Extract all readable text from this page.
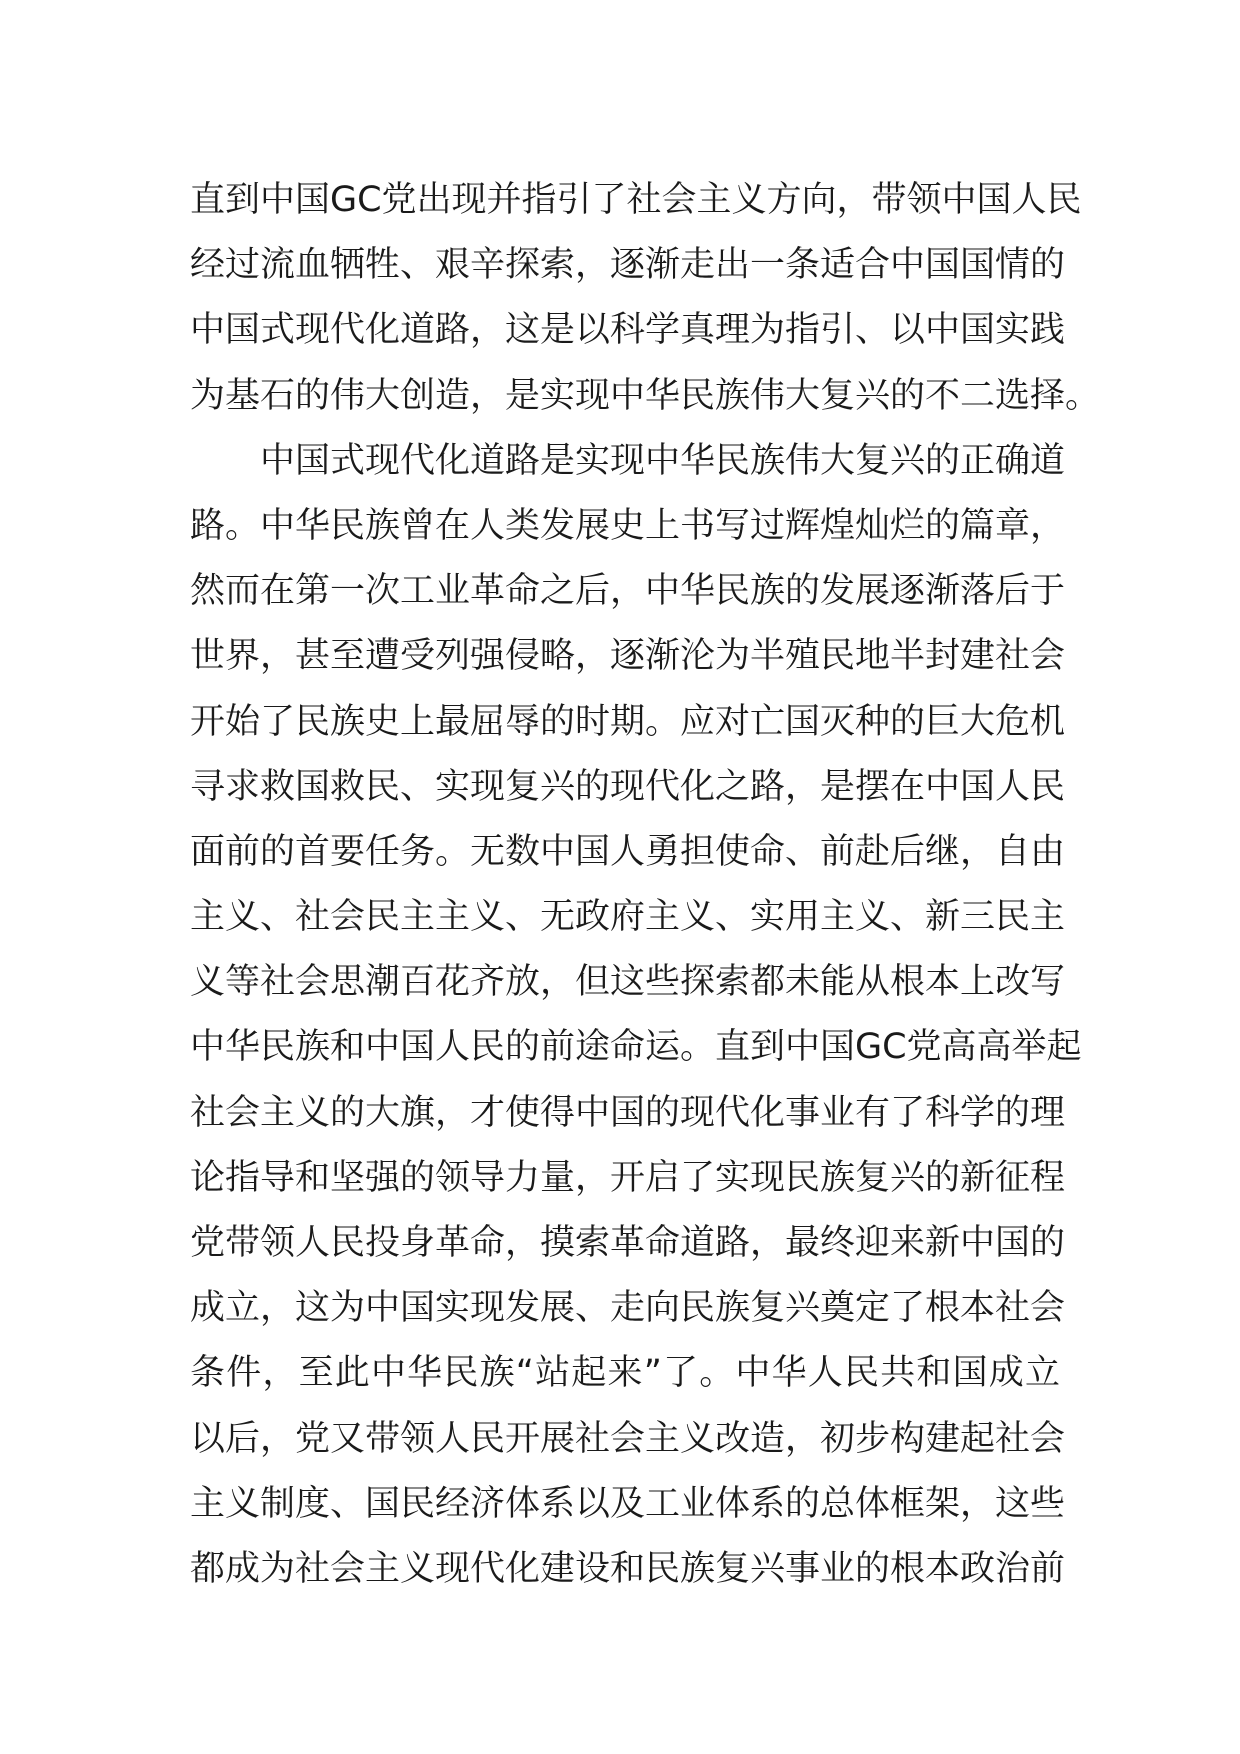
直到中国GC党出现并指引了社会主义方向，带领中国人民
经过流血牺牲、艰辛探索，逐渐走出一条适合中国国情的
中国式现代化道路，这是以科学真理为指引、以中国实践
为基石的伟大创造，是实现中华民族伟大复兴的不二选择。
中国式现代化道路是实现中华民族伟大复兴的正确道
路。中华民族曾在人类发展史上书写过辉煌灿烂的篇章，
然而在第一次工业革命之后，中华民族的发展逐渐落后于
世界，甚至遭受列强侵略，逐渐沦为半殖民地半封建社会
开始了民族史上最屈辱的时期。应对亡国灭种的巨大危机
寻求救国救民、实现复兴的现代化之路，是摆在中国人民
面前的首要任务。无数中国人勇担使命、前赴后继，自由
主义、社会民主主义、无政府主义、实用主义、新三民主
义等社会思潮百花齐放，但这些探索都未能从根本上改写
中华民族和中国人民的前途命运。直到中国GC党高高举起
社会主义的大旗，才使得中国的现代化事业有了科学的理
论指导和坚强的领导力量，开启了实现民族复兴的新征程
党带领人民投身革命，摸索革命道路，最终迎来新中国的
成立，这为中国实现发展、走向民族复兴奠定了根本社会
条件，至此中华民族“站起来”了。中华人民共和国成立
以后，党又带领人民开展社会主义改造，初步构建起社会
主义制度、国民经济体系以及工业体系的总体框架，这些
都成为社会主义现代化建设和民族复兴事业的根本政治前
